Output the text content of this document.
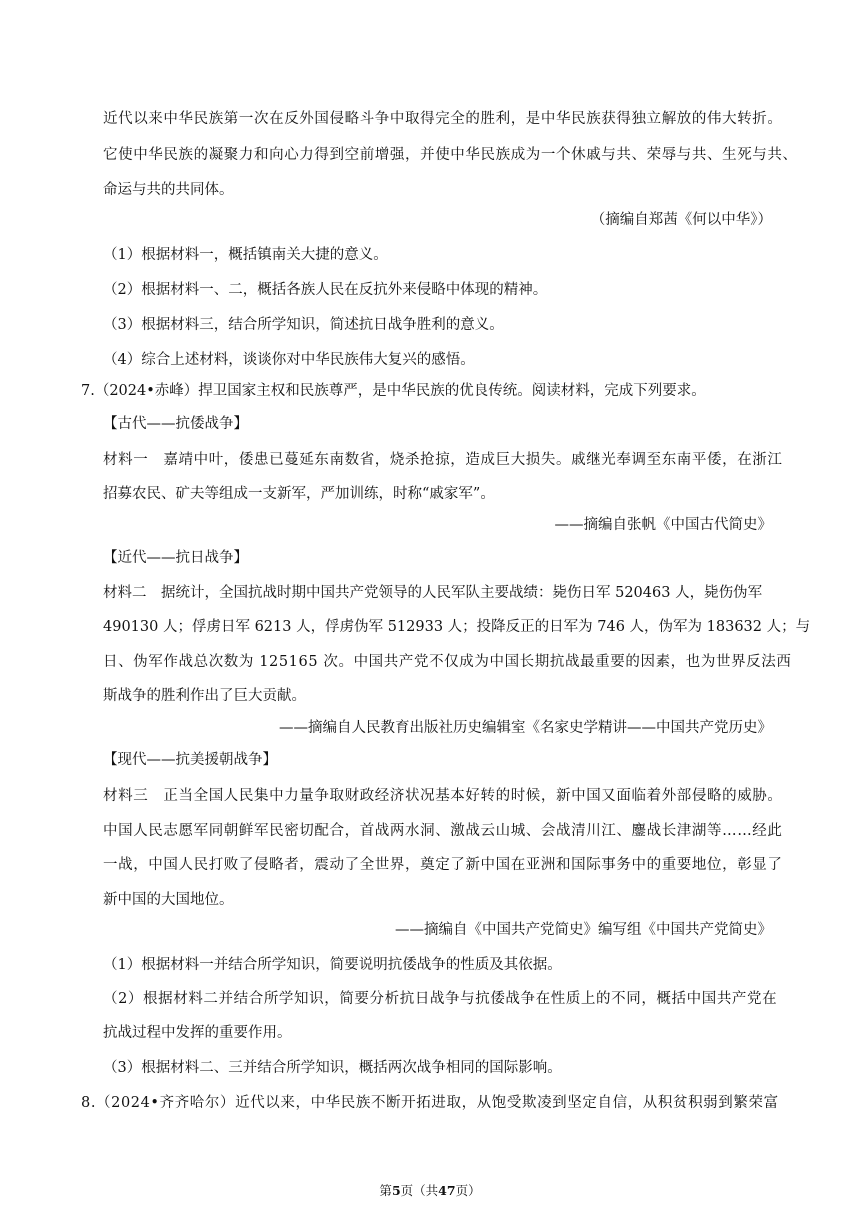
近代以来中华民族第一次在反外国侵略斗争中取得完全的胜利，是中华民族获得独立解放的伟大转折。
它使中华民族的凝聚力和向心力得到空前增强，并使中华民族成为一个休戚与共、荣辱与共、生死与共、
命运与共的共同体。
（摘编自郑茜《何以中华》）
（1）根据材料一，概括镇南关大捷的意义。
（2）根据材料一、二，概括各族人民在反抗外来侵略中体现的精神。
（3）根据材料三，结合所学知识，简述抗日战争胜利的意义。
（4）综合上述材料，谈谈你对中华民族伟大复兴的感悟。
7.（2024•赤峰）捍卫国家主权和民族尊严，是中华民族的优良传统。阅读材料，完成下列要求。
【古代——抗倭战争】
材料一　嘉靖中叶，倭患已蔓延东南数省，烧杀抢掠，造成巨大损失。戚继光奉调至东南平倭，在浙江
招募农民、矿夫等组成一支新军，严加训练，时称“戚家军”。
——摘编自张帆《中国古代简史》
【近代——抗日战争】
材料二　据统计，全国抗战时期中国共产党领导的人民军队主要战绩：毙伤日军 520463 人，毙伤伪军
490130 人；俘虏日军 6213 人，俘虏伪军 512933 人；投降反正的日军为 746 人，伪军为 183632 人；与
日、伪军作战总次数为 125165 次。中国共产党不仅成为中国长期抗战最重要的因素，也为世界反法西
斯战争的胜利作出了巨大贡献。
——摘编自人民教育出版社历史编辑室《名家史学精讲——中国共产党历史》
【现代——抗美援朝战争】
材料三　正当全国人民集中力量争取财政经济状况基本好转的时候，新中国又面临着外部侵略的威胁。
中国人民志愿军同朝鲜军民密切配合，首战两水洞、激战云山城、会战清川江、鏖战长津湖等……经此
一战，中国人民打败了侵略者，震动了全世界，奠定了新中国在亚洲和国际事务中的重要地位，彰显了
新中国的大国地位。
——摘编自《中国共产党简史》编写组《中国共产党简史》
（1）根据材料一并结合所学知识，简要说明抗倭战争的性质及其依据。
（2）根据材料二并结合所学知识，简要分析抗日战争与抗倭战争在性质上的不同，概括中国共产党在
抗战过程中发挥的重要作用。
（3）根据材料二、三并结合所学知识，概括两次战争相同的国际影响。
8.（2024•齐齐哈尔）近代以来，中华民族不断开拓进取，从饱受欺凌到坚定自信，从积贫积弱到繁荣富
第5页（共47页）
